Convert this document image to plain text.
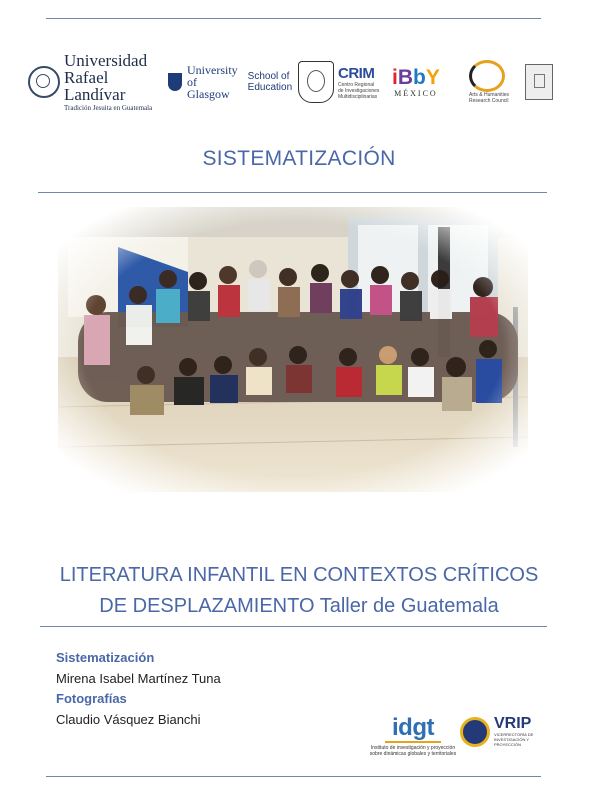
Universidad
Rafael Landívar
Tradición Jesuita en Guatemala
University
of Glasgow
School of
Education
CRIM
Centro Regional
de Investigaciones
Multidisciplinarias
iBbY
MÉXICO	Arts & Humanities
Research Council
SISTEMATIZACIÓN
LITERATURA INFANTIL EN CONTEXTOS CRÍTICOS
DE DESPLAZAMIENTO Taller de Guatemala
Sistematización
Mirena Isabel Martínez Tuna
Fotografías
Claudio Vásquez Bianchi	idgt
Instituto de investigación y proyección
sobre dinámicas globales y territoriales
VRIP
VICERRECTORÍA DE
INVESTIGACIÓN Y PROYECCIÓN
